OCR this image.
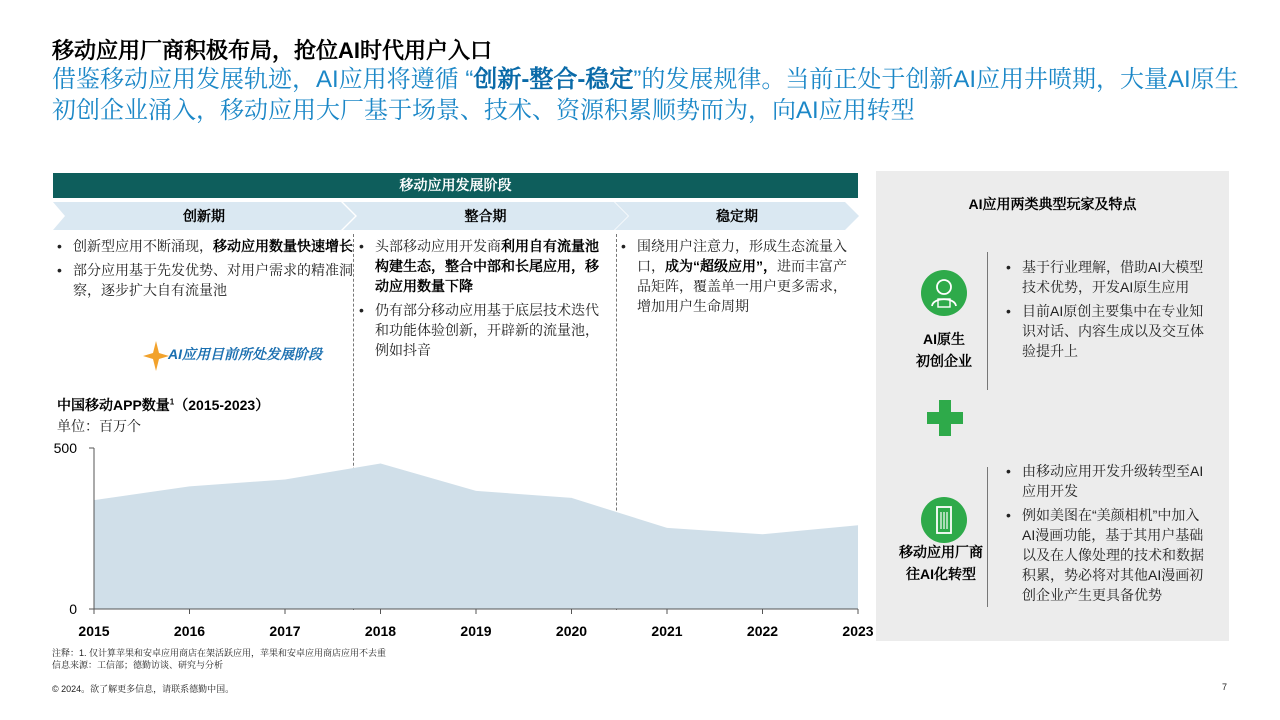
移动应用厂商积极布局，抢位AI时代用户入口
借鉴移动应用发展轨迹，AI应用将遵循 “创新-整合-稳定”的发展规律。当前正处于创新AI应用井喷期，大量AI原生初创企业涌入，移动应用大厂基于场景、技术、资源积累顺势而为，向AI应用转型
移动应用发展阶段
创新期	整合期	稳定期
• 创新型应用不断涌现，移动应用数量快速增长
• 部分应用基于先发优势、对用户需求的精准洞察，逐步扩大自有流量池
• 头部移动应用开发商利用自有流量池构建生态，整合中部和长尾应用，移动应用数量下降
• 仍有部分移动应用基于底层技术迭代和功能体验创新，开辟新的流量池，例如抖音
• 围绕用户注意力，形成生态流量入口，成为“超级应用”，进而丰富产品矩阵，覆盖单一用户更多需求，增加用户生命周期
AI应用目前所处发展阶段
中国移动APP数量$^1$（2015-2023）
单位：百万个
0
500
2015	2016	2017	2018	2019	2020	2021	2022	2023
注释：1. 仅计算苹果和安卓应用商店在架活跃应用，苹果和安卓应用商店应用不去重
信息来源：工信部；德勤访谈、研究与分析
© 2024。欲了解更多信息，请联系德勤中国。	7
AI应用两类典型玩家及特点
AI原生
初创企业
• 基于行业理解，借助AI大模型技术优势，开发AI原生应用
• 目前AI原创主要集中在专业知识对话、内容生成以及交互体验提升上
移动应用厂商
往AI化转型
• 由移动应用开发升级转型至AI应用开发
• 例如美图在“美颜相机”中加入AI漫画功能，基于其用户基础以及在人像处理的技术和数据积累，势必将对其他AI漫画初创企业产生更具备优势
